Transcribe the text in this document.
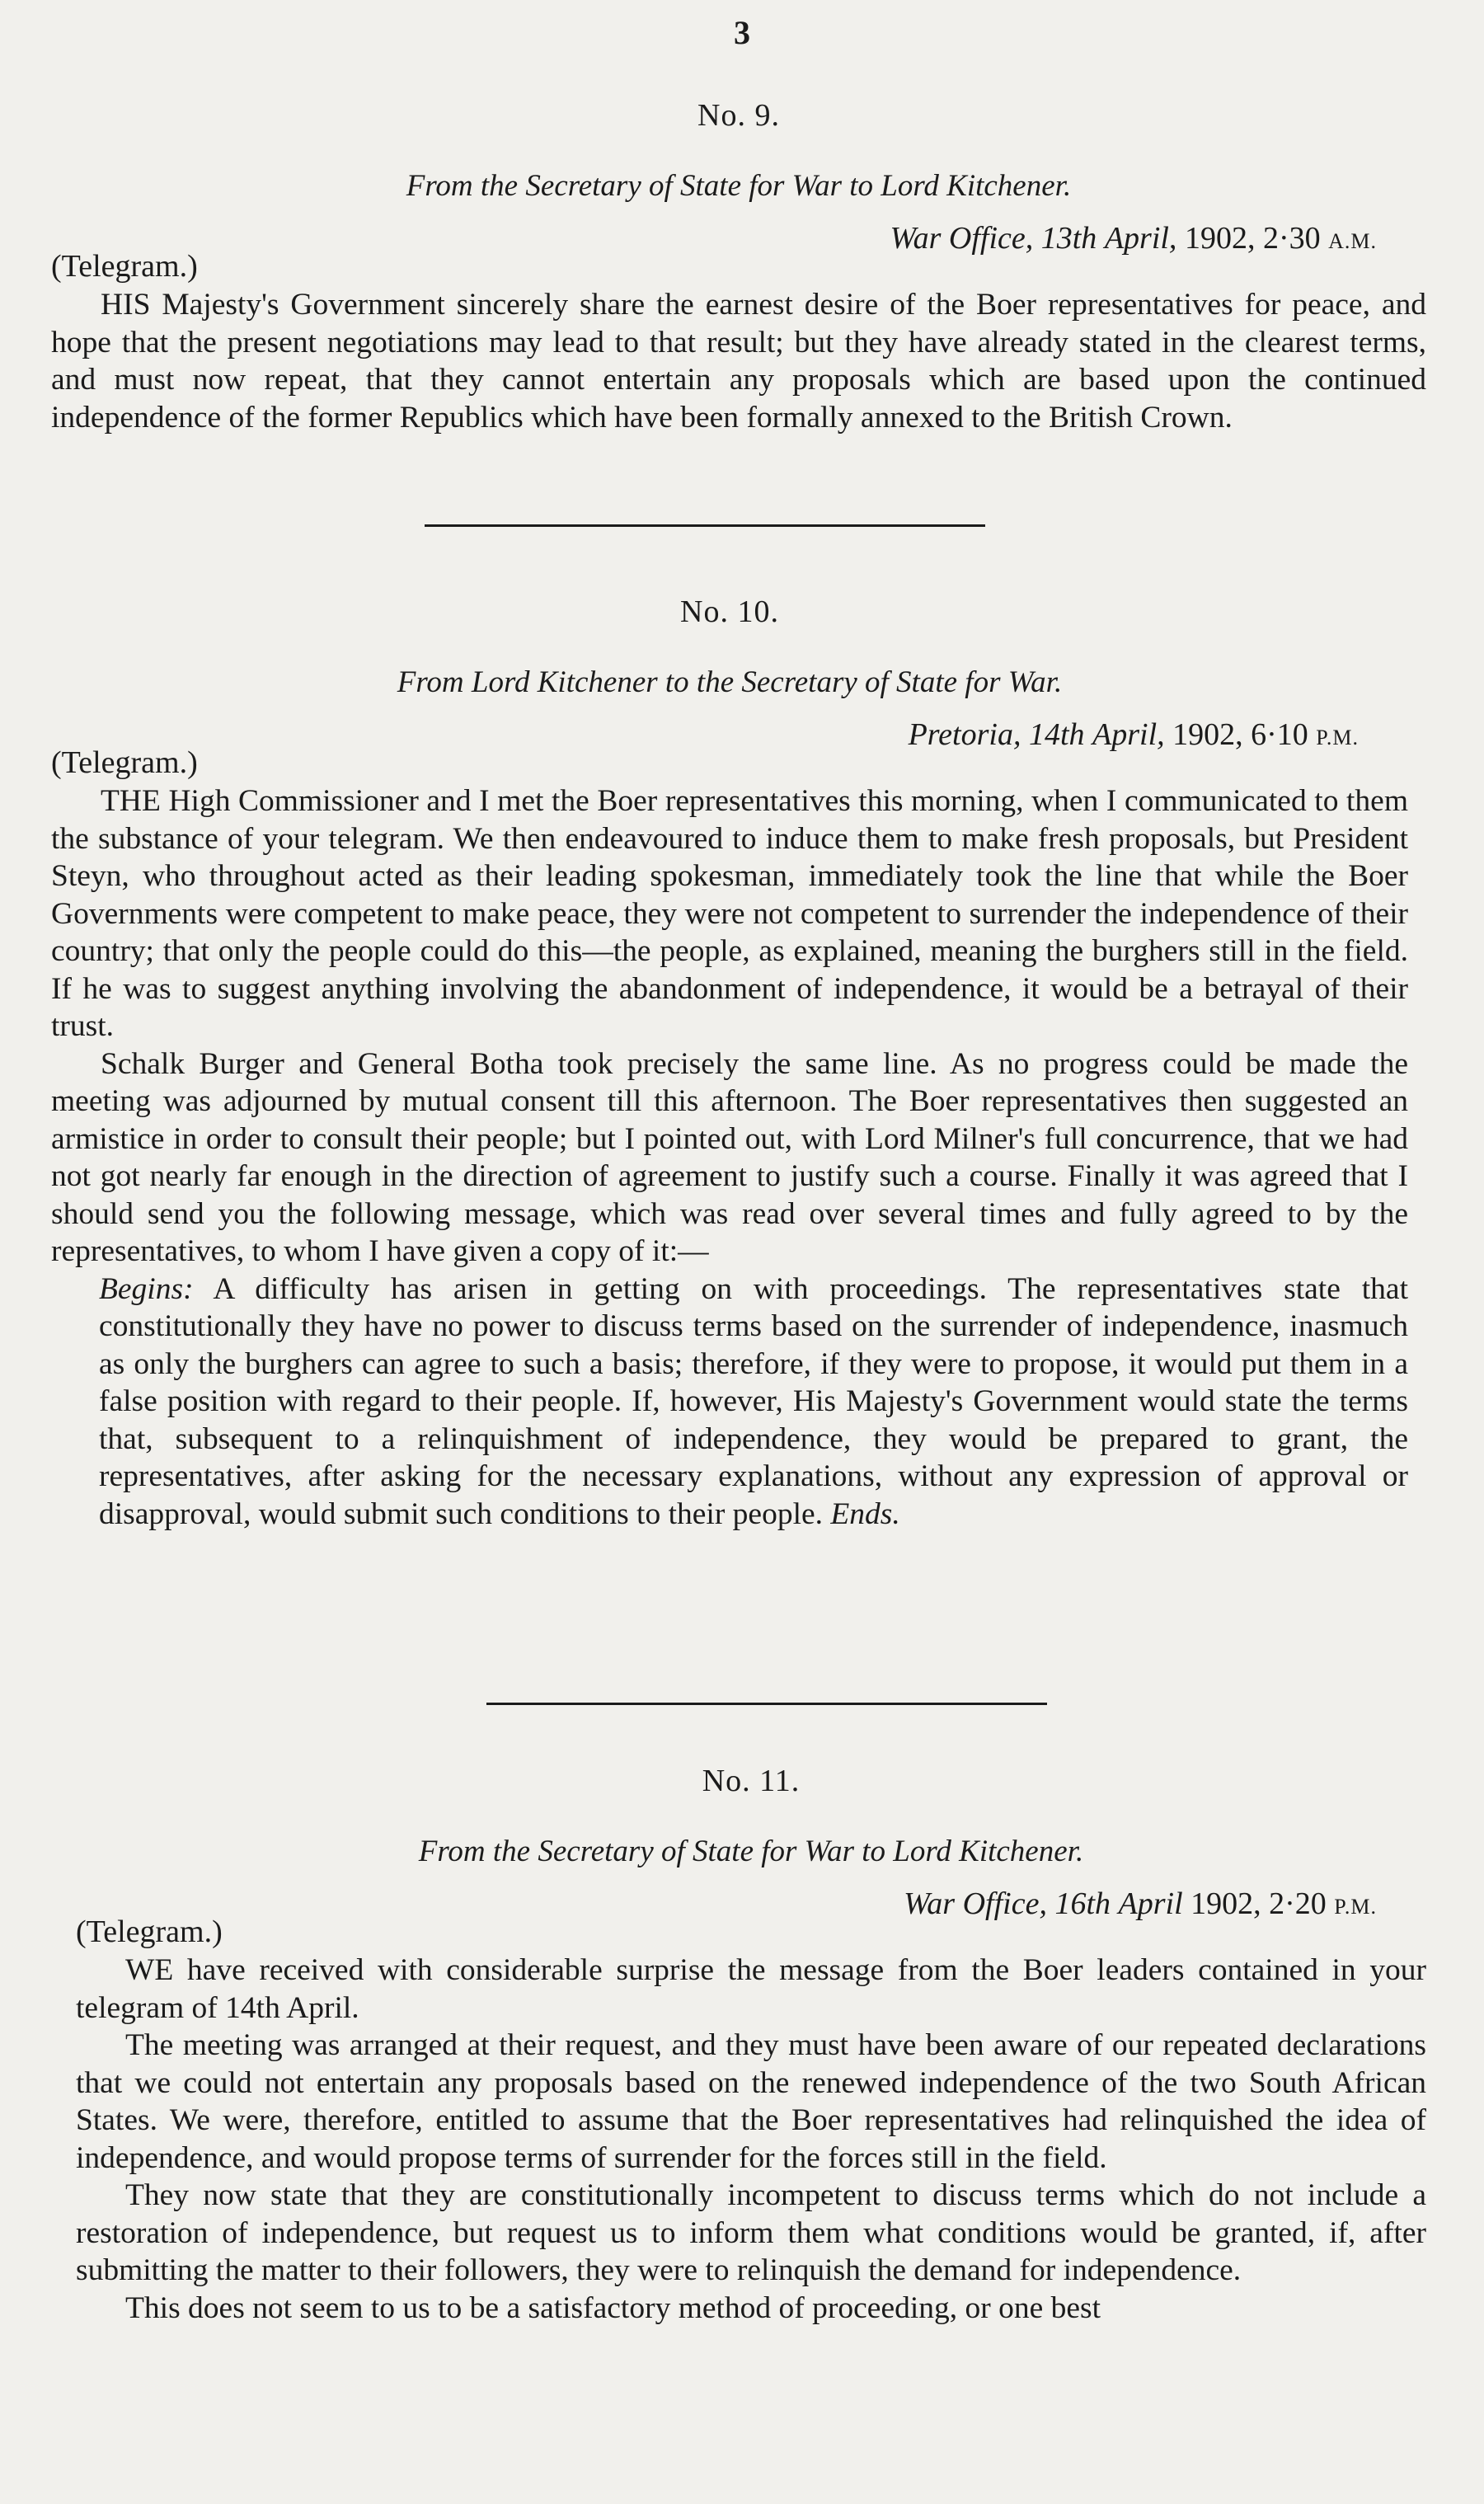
3
No. 9.
From the Secretary of State for War to Lord Kitchener.
(Telegram.)
War Office, 13th April, 1902, 2·30 A.M.

HIS Majesty's Government sincerely share the earnest desire of the Boer representatives for peace, and hope that the present negotiations may lead to that result; but they have already stated in the clearest terms, and must now repeat, that they cannot entertain any proposals which are based upon the continued independence of the former Republics which have been formally annexed to the British Crown.

No. 10.
From Lord Kitchener to the Secretary of State for War.
(Telegram.)
Pretoria, 14th April, 1902, 6·10 P.M.

THE High Commissioner and I met the Boer representatives this morning, when I communicated to them the substance of your telegram. We then endeavoured to induce them to make fresh proposals, but President Steyn, who throughout acted as their leading spokesman, immediately took the line that while the Boer Governments were competent to make peace, they were not competent to surrender the independence of their country; that only the people could do this—the people, as explained, meaning the burghers still in the field. If he was to suggest anything involving the abandonment of independence, it would be a betrayal of their trust.

Schalk Burger and General Botha took precisely the same line. As no progress could be made the meeting was adjourned by mutual consent till this afternoon. The Boer representatives then suggested an armistice in order to consult their people; but I pointed out, with Lord Milner's full concurrence, that we had not got nearly far enough in the direction of agreement to justify such a course. Finally it was agreed that I should send you the following message, which was read over several times and fully agreed to by the representatives, to whom I have given a copy of it:—

Begins: A difficulty has arisen in getting on with proceedings. The representatives state that constitutionally they have no power to discuss terms based on the surrender of independence, inasmuch as only the burghers can agree to such a basis; therefore, if they were to propose, it would put them in a false position with regard to their people. If, however, His Majesty's Government would state the terms that, subsequent to a relinquishment of independence, they would be prepared to grant, the representatives, after asking for the necessary explanations, without any expression of approval or disapproval, would submit such conditions to their people. Ends.

No. 11.
From the Secretary of State for War to Lord Kitchener.
(Telegram.)
War Office, 16th April 1902, 2·20 P.M.

WE have received with considerable surprise the message from the Boer leaders contained in your telegram of 14th April.

The meeting was arranged at their request, and they must have been aware of our repeated declarations that we could not entertain any proposals based on the renewed independence of the two South African States. We were, therefore, entitled to assume that the Boer representatives had relinquished the idea of independence, and would propose terms of surrender for the forces still in the field.

They now state that they are constitutionally incompetent to discuss terms which do not include a restoration of independence, but request us to inform them what conditions would be granted, if, after submitting the matter to their followers, they were to relinquish the demand for independence.

This does not seem to us to be a satisfactory method of proceeding, or one best
